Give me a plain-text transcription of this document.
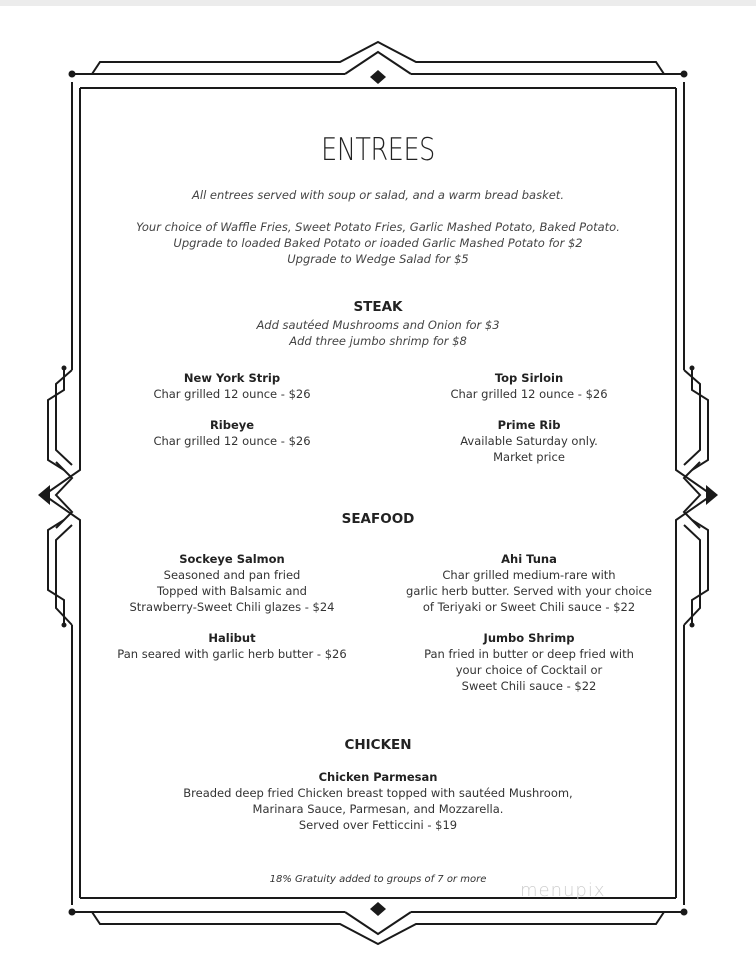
ENTREES
All entrees served with soup or salad, and a warm bread basket.
Your choice of Waffle Fries, Sweet Potato Fries, Garlic Mashed Potato, Baked Potato.
Upgrade to loaded Baked Potato or ioaded Garlic Mashed Potato for $2
Upgrade to Wedge Salad for $5
STEAK
Add sautéed Mushrooms and Onion for $3
Add three jumbo shrimp for $8
New York Strip
Char grilled 12 ounce - $26
Top Sirloin
Char grilled 12 ounce - $26
Ribeye
Char grilled 12 ounce - $26
Prime Rib
Available Saturday only.
Market price
SEAFOOD
Sockeye Salmon
Seasoned and pan fried
Topped with Balsamic and
Strawberry-Sweet Chili glazes - $24
Ahi Tuna
Char grilled medium-rare with
garlic herb butter. Served with your choice
of Teriyaki or Sweet Chili sauce - $22
Halibut
Pan seared with garlic herb butter - $26
Jumbo Shrimp
Pan fried in butter or deep fried with
your choice of Cocktail or
Sweet Chili sauce - $22
CHICKEN
Chicken Parmesan
Breaded deep fried Chicken breast topped with sautéed Mushroom,
Marinara Sauce, Parmesan, and Mozzarella.
Served over Fetticcini - $19
18% Gratuity added to groups of 7 or more
menupix
